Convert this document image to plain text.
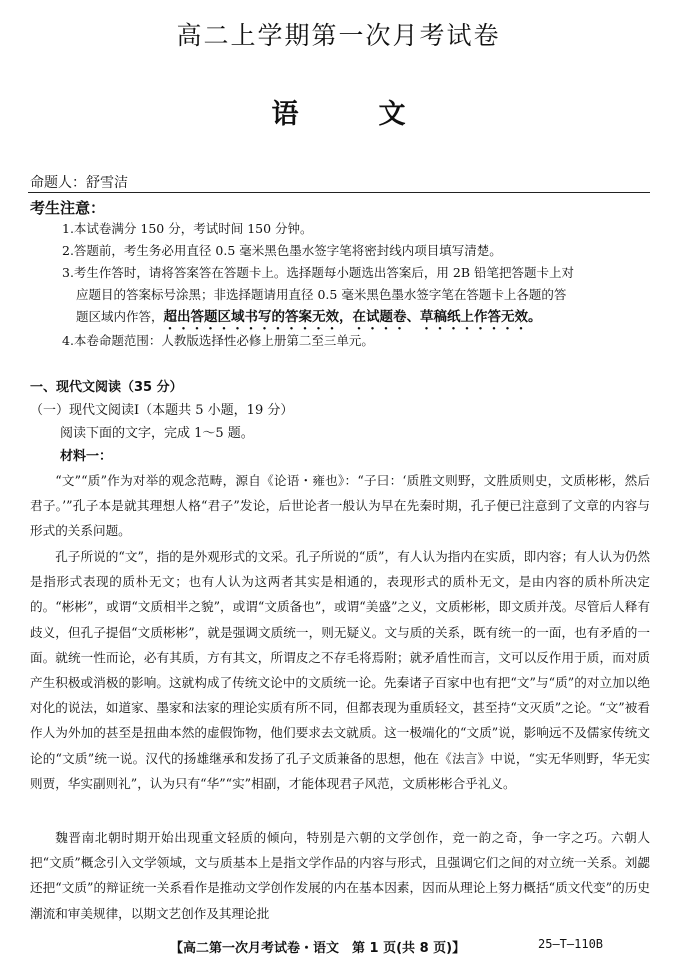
高二上学期第一次月考试卷
语	文
命题人：舒雪洁
考生注意：
1.本试卷满分 150 分，考试时间 150 分钟。
2.答题前，考生务必用直径 0.5 毫米黑色墨水签字笔将密封线内项目填写清楚。
3.考生作答时，请将答案答在答题卡上。选择题每小题选出答案后，用 2B 铅笔把答题卡上对
应题目的答案标号涂黑；非选择题请用直径 0.5 毫米黑色墨水签字笔在答题卡上各题的答
题区域内作答，超出答题区域书写的答案无效，在试题卷、草稿纸上作答无效。
4.本卷命题范围：人教版选择性必修上册第二至三单元。
一、现代文阅读（35 分）
（一）现代文阅读Ⅰ（本题共 5 小题，19 分）
阅读下面的文字，完成 1～5 题。
材料一：
“文”“质”作为对举的观念范畴，源自《论语・雍也》：“子曰：‘质胜文则野，文胜质则史，文质彬彬，然后君子。’”孔子本是就其理想人格“君子”发论，后世论者一般认为早在先秦时期，孔子便已注意到了文章的内容与形式的关系问题。
孔子所说的“文”，指的是外观形式的文采。孔子所说的“质”，有人认为指内在实质，即内容；有人认为仍然是指形式表现的质朴无文；也有人认为这两者其实是相通的，表现形式的质朴无文，是由内容的质朴所决定的。“彬彬”，或谓“文质相半之貌”，或谓“文质备也”，或谓“美盛”之义，文质彬彬，即文质并茂。尽管后人释有歧义，但孔子提倡“文质彬彬”，就是强调文质统一，则无疑义。文与质的关系，既有统一的一面，也有矛盾的一面。就统一性而论，必有其质，方有其文，所谓皮之不存毛将焉附；就矛盾性而言，文可以反作用于质，而对质产生积极或消极的影响。这就构成了传统文论中的文质统一论。先秦诸子百家中也有把“文”与“质”的对立加以绝对化的说法，如道家、墨家和法家的理论实质有所不同，但都表现为重质轻文，甚至持“文灭质”之论。“文”被看作人为外加的甚至是扭曲本然的虚假饰物，他们要求去文就质。这一极端化的“文质”说，影响远不及儒家传统文论的“文质”统一说。汉代的扬雄继承和发扬了孔子文质兼备的思想，他在《法言》中说，“实无华则野，华无实则贾，华实副则礼”，认为只有“华”“实”相副，才能体现君子风范，文质彬彬合乎礼义。
魏晋南北朝时期开始出现重文轻质的倾向，特别是六朝的文学创作，竞一韵之奇，争一字之巧。六朝人把“文质”概念引入文学领域，文与质基本上是指文学作品的内容与形式，且强调它们之间的对立统一关系。刘勰还把“文质”的辩证统一关系看作是推动文学创作发展的内在基本因素，因而从理论上努力概括“质文代变”的历史潮流和审美规律，以期文艺创作及其理论批
【高二第一次月考试卷・语文　第 1 页(共 8 页)】	25—T—110B
